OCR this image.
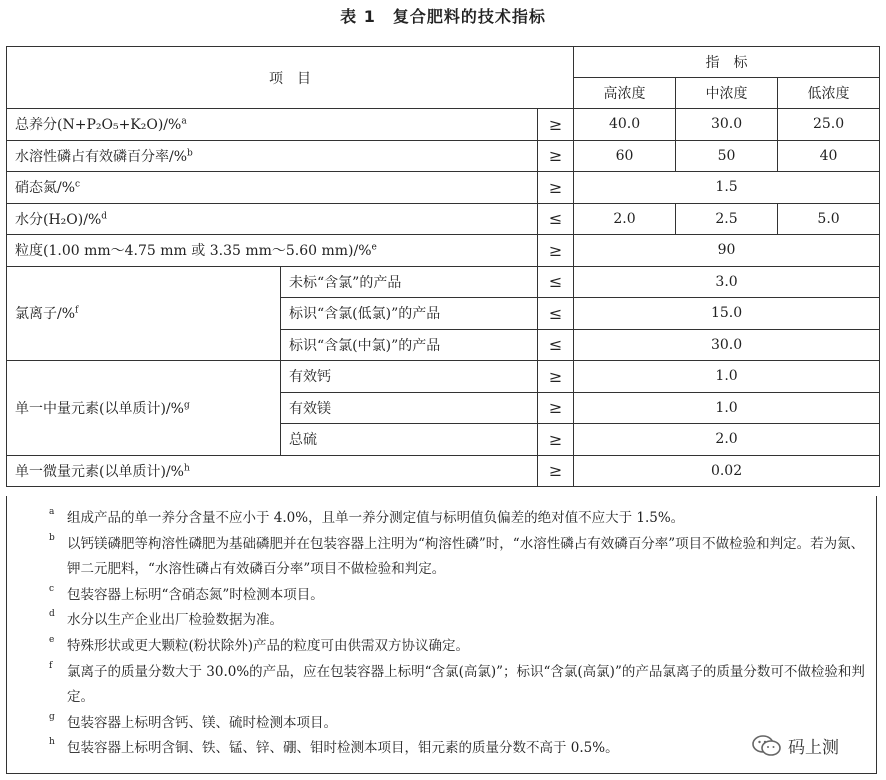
表 1　复合肥料的技术指标
项　目			指　标		
			高浓度	中浓度	低浓度
总养分(N+P₂O₅+K₂O)/%$^a$		≥	40.0	30.0	25.0
水溶性磷占有效磷百分率/%$^b$		≥	60	50	40
硝态氮/%$^c$		≥	1.5		
水分(H₂O)/%$^d$		≤	2.0	2.5	5.0
粒度(1.00 mm～4.75 mm 或 3.35 mm～5.60 mm)/%$^e$		≥	90		
氯离子/%$^f$	未标“含氯”的产品	≤	3.0		
	标识“含氯(低氯)”的产品	≤	15.0		
	标识“含氯(中氯)”的产品	≤	30.0		
单一中量元素(以单质计)/%$^g$	有效钙	≥	1.0		
	有效镁	≥	1.0		
	总硫	≥	2.0		
单一微量元素(以单质计)/%$^h$		≥	0.02		
a 组成产品的单一养分含量不应小于 4.0%，且单一养分测定值与标明值负偏差的绝对值不应大于 1.5%。
b 以钙镁磷肥等枸溶性磷肥为基础磷肥并在包装容器上注明为“枸溶性磷”时，“水溶性磷占有效磷百分率”项目不做检验和判定。若为氮、钾二元肥料，“水溶性磷占有效磷百分率”项目不做检验和判定。
c 包装容器上标明“含硝态氮”时检测本项目。
d 水分以生产企业出厂检验数据为准。
e 特殊形状或更大颗粒(粉状除外)产品的粒度可由供需双方协议确定。
f 氯离子的质量分数大于 30.0%的产品，应在包装容器上标明“含氯(高氯)”；标识“含氯(高氯)”的产品氯离子的质量分数可不做检验和判定。
g 包装容器上标明含钙、镁、硫时检测本项目。
h 包装容器上标明含铜、铁、锰、锌、硼、钼时检测本项目，钼元素的质量分数不高于 0.5%。	码上测
